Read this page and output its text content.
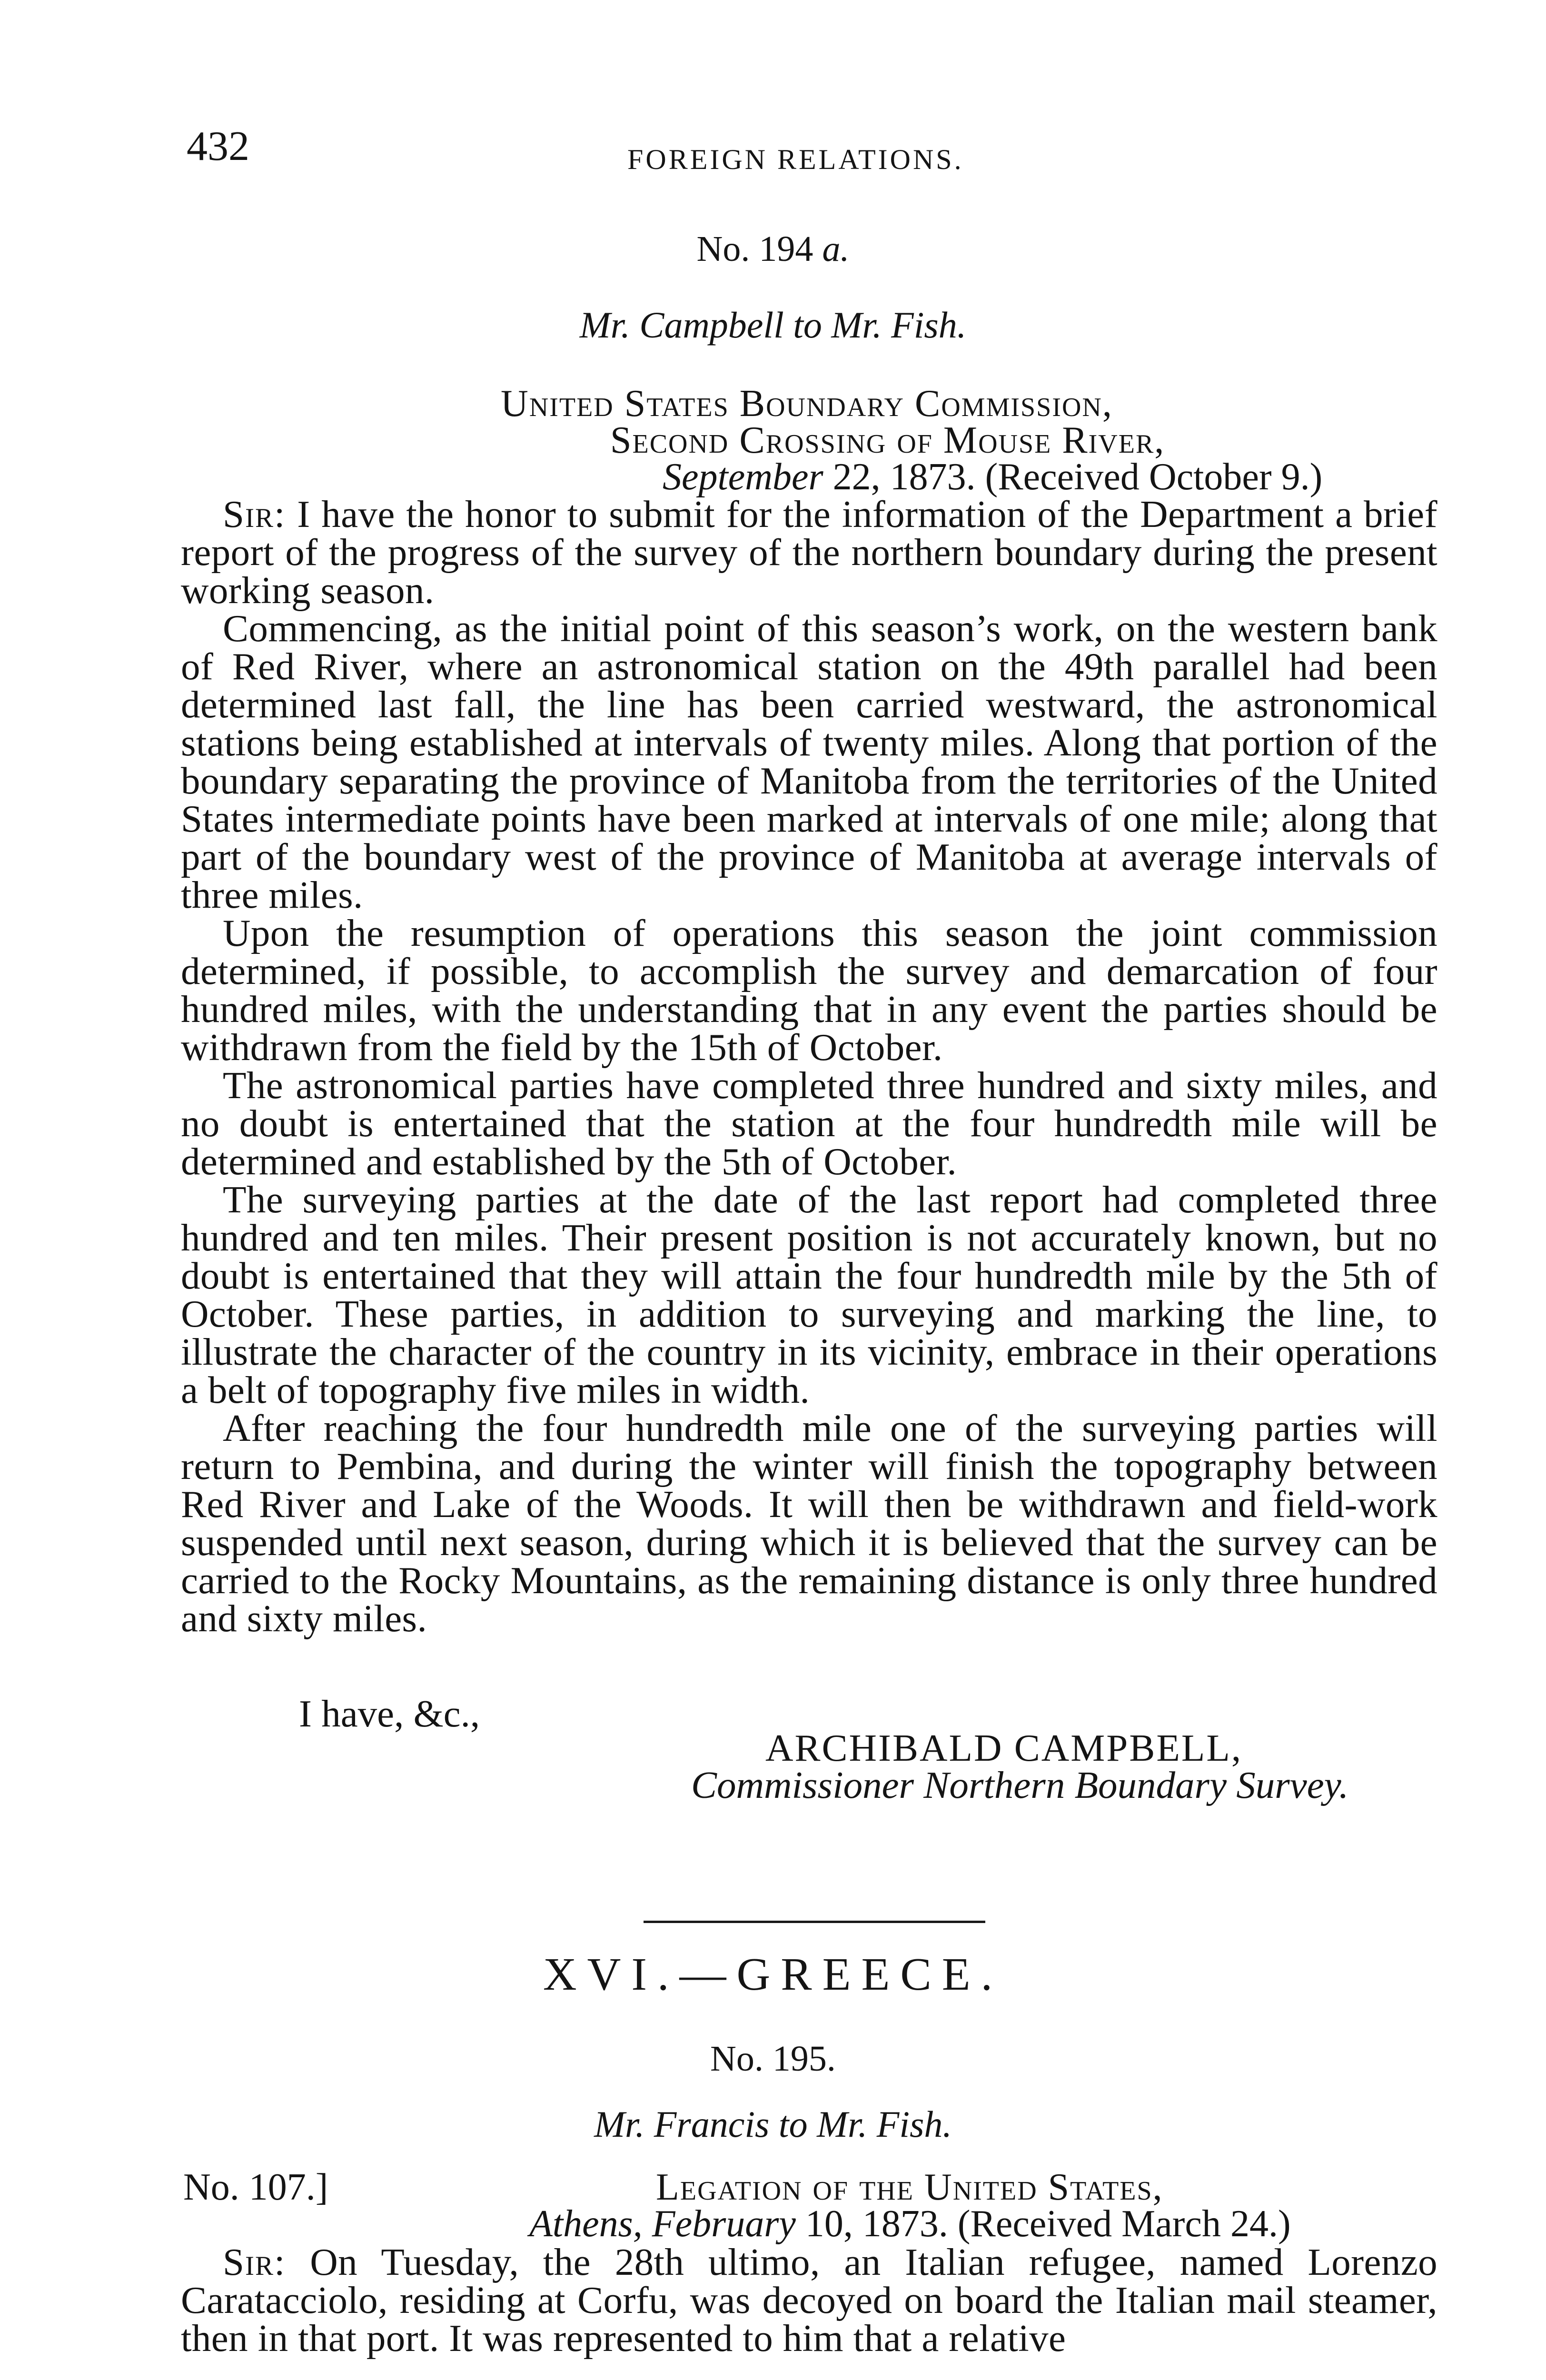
432	FOREIGN RELATIONS.
No. 194 a.
Mr. Campbell to Mr. Fish.
United States Boundary Commission,
Second Crossing of Mouse River,
September 22, 1873. (Received October 9.)

Sir: I have the honor to submit for the information of the Department a brief report of the progress of the survey of the northern boundary during the present working season.

Commencing, as the initial point of this season’s work, on the western bank of Red River, where an astronomical station on the 49th parallel had been determined last fall, the line has been carried westward, the astronomical stations being established at intervals of twenty miles. Along that portion of the boundary separating the province of Manitoba from the territories of the United States intermediate points have been marked at intervals of one mile; along that part of the boundary west of the province of Manitoba at average intervals of three miles.

Upon the resumption of operations this season the joint commission determined, if possible, to accomplish the survey and demarcation of four hundred miles, with the understanding that in any event the parties should be withdrawn from the field by the 15th of October.

The astronomical parties have completed three hundred and sixty miles, and no doubt is entertained that the station at the four hundredth mile will be determined and established by the 5th of October.

The surveying parties at the date of the last report had completed three hundred and ten miles. Their present position is not accurately known, but no doubt is entertained that they will attain the four hundredth mile by the 5th of October. These parties, in addition to surveying and marking the line, to illustrate the character of the country in its vicinity, embrace in their operations a belt of topography five miles in width.

After reaching the four hundredth mile one of the surveying parties will return to Pembina, and during the winter will finish the topography between Red River and Lake of the Woods. It will then be withdrawn and field-work suspended until next season, during which it is believed that the survey can be carried to the Rocky Mountains, as the remaining distance is only three hundred and sixty miles.

I have, &c.,
ARCHIBALD CAMPBELL,
Commissioner Northern Boundary Survey.
XVI.—GREECE.
No. 195.
Mr. Francis to Mr. Fish.
No. 107.]	Legation of the United States,
Athens, February 10, 1873. (Received March 24.)

Sir: On Tuesday, the 28th ultimo, an Italian refugee, named Lorenzo Caratacciolo, residing at Corfu, was decoyed on board the Italian mail steamer, then in that port. It was represented to him that a relative
